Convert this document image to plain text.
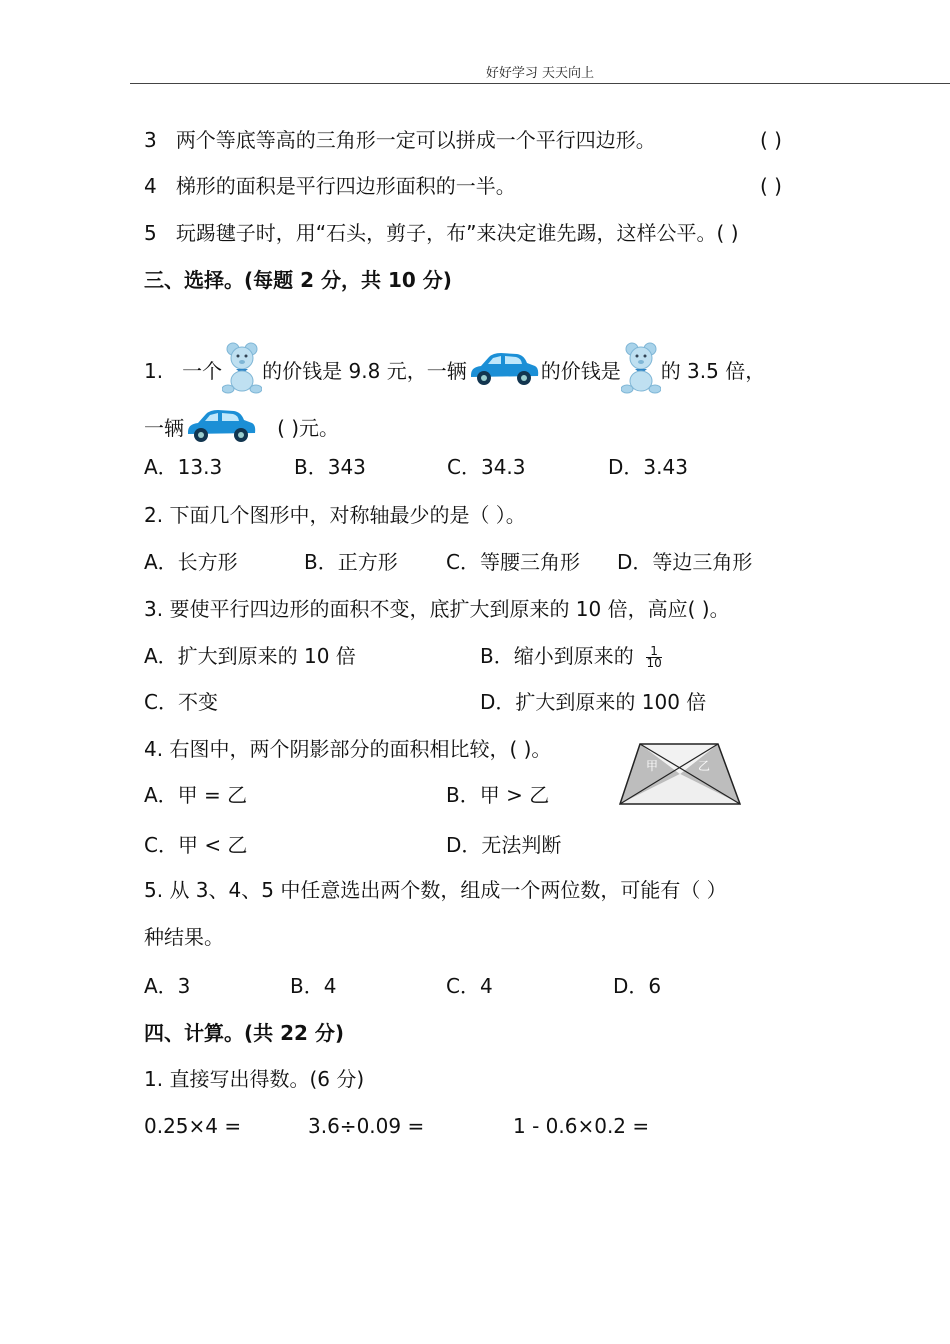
好好学习 天天向上
3 两个等底等高的三角形一定可以拼成一个平行四边形。	( )
4 梯形的面积是平行四边形面积的一半。	( )
5 玩踢毽子时，用“石头，剪子，布”来决定谁先踢，这样公平。( )
三、选择。(每题 2 分，共 10 分)
1. 一个 的价钱是 9.8 元，一辆	的价钱是 的 3.5 倍，
一辆	( )元。
A．13.3	B．343	C．34.3	D．3.43
2. 下面几个图形中，对称轴最少的是（ ）。
A．长方形	B．正方形 C．等腰三角形 D．等边三角形
3. 要使平行四边形的面积不变，底扩大到原来的 10 倍，高应( )。
A．扩大到原来的 10 倍	B．缩小到原来的 $\frac{1}{10}$
C．不变	D．扩大到原来的 100 倍
4. 右图中，两个阴影部分的面积相比较，( )。
A．甲 = 乙	B．甲 > 乙
C．甲 < 乙	D．无法判断
甲	乙
5. 从 3、4、5 中任意选出两个数，组成一个两位数，可能有（ ）
种结果。
A．3	B．4	C．4	D．6
四、计算。(共 22 分)
1. 直接写出得数。(6 分)
0.25×4 =	3.6÷0.09 =	1 - 0.6×0.2 =
